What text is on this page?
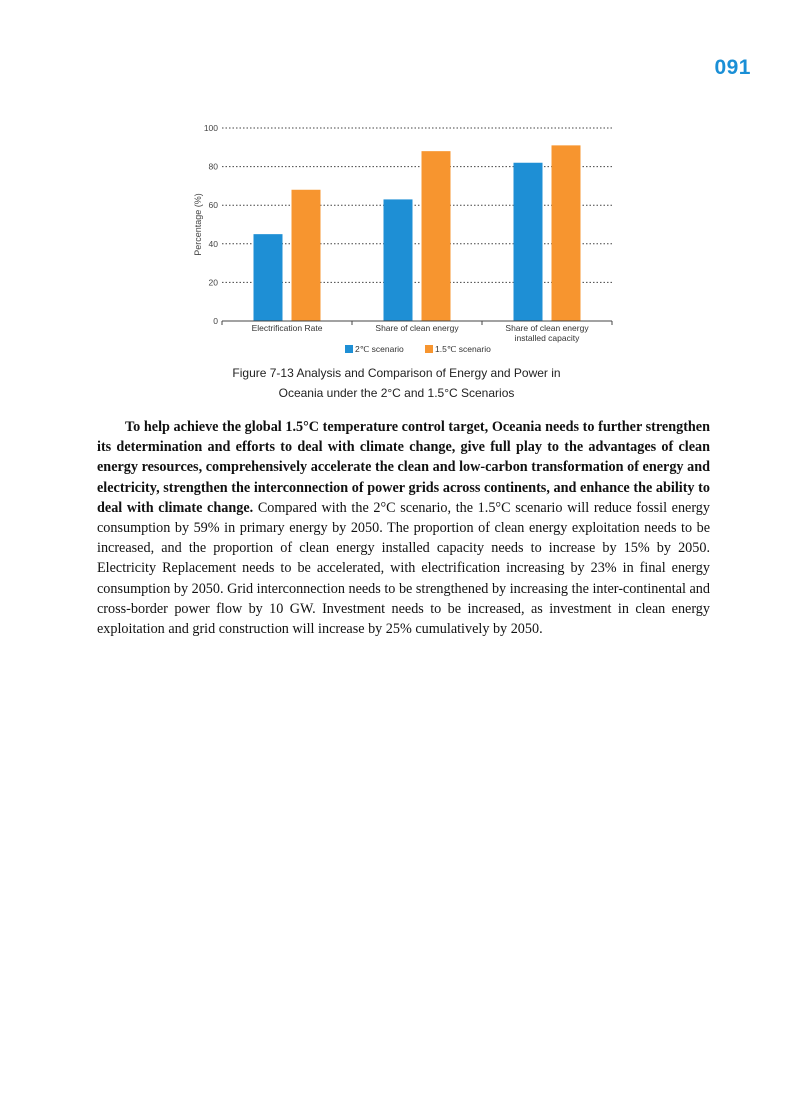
091
0
20
40
60
80
100
Percentage (%)
Electrification Rate	Share of clean energy	Share of clean energy
installed capacity
2℃ scenario	1.5℃ scenario
Figure 7-13 Analysis and Comparison of Energy and Power in
Oceania under the 2°C and 1.5°C Scenarios

To help achieve the global 1.5°C temperature control target, Oceania needs to further strengthen its determination and efforts to deal with climate change, give full play to the advantages of clean energy resources, comprehensively accelerate the clean and low-carbon transformation of energy and electricity, strengthen the interconnection of power grids across continents, and enhance the ability to deal with climate change. Compared with the 2°C scenario, the 1.5°C scenario will reduce fossil energy consumption by 59% in primary energy by 2050. The proportion of clean energy exploitation needs to be increased, and the proportion of clean energy installed capacity needs to increase by 15% by 2050. Electricity Replacement needs to be accelerated, with electrification increasing by 23% in final energy consumption by 2050. Grid interconnection needs to be strengthened by increasing the inter-continental and cross-border power flow by 10 GW. Investment needs to be increased, as investment in clean energy exploitation and grid construction will increase by 25% cumulatively by 2050.
